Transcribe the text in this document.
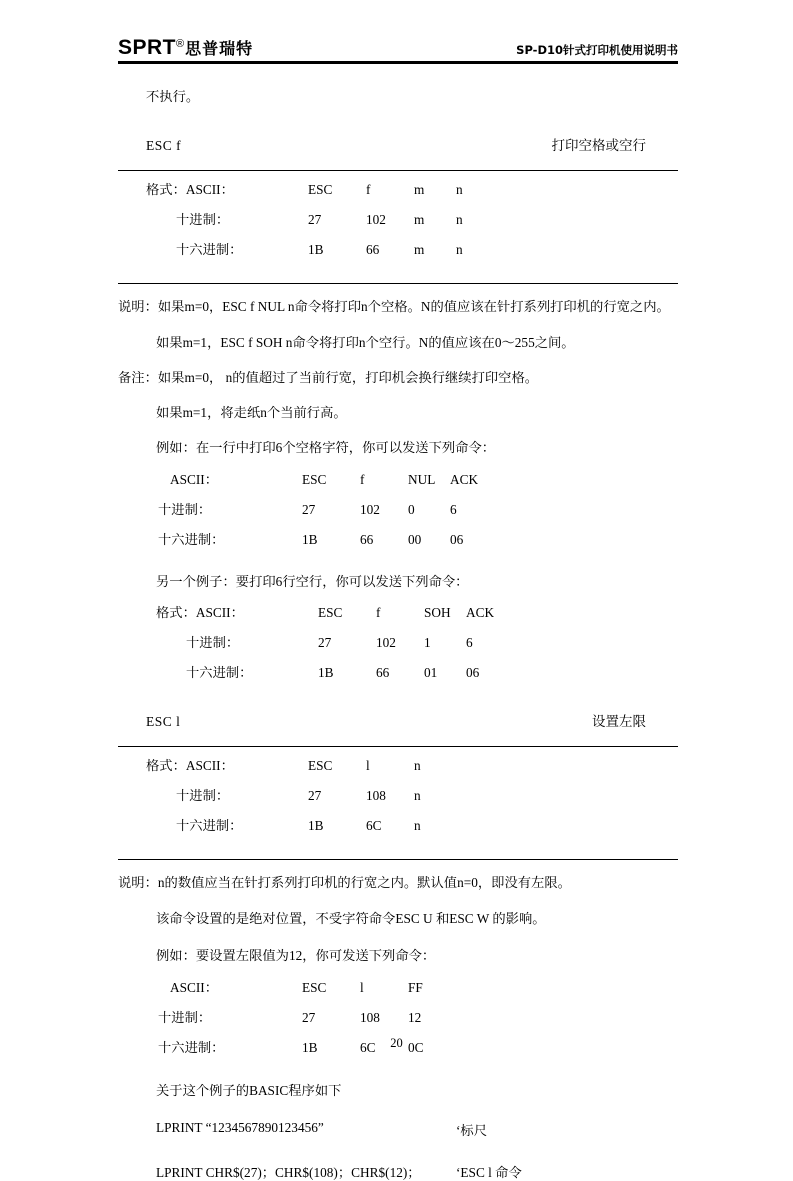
SPRT ® 思普瑞特	SP-D10针式打印机使用说明书
不执行。
ESC f	打印空格或空行
格式：ASCII：	ESC	f	m	n
十进制：	27	102	m	n
十六进制：	1B	66	m	n
说明：如果m=0，ESC f NUL n命令将打印n个空格。N的值应该在针打系列打印机的行宽之内。
如果m=1，ESC f SOH n命令将打印n个空行。N的值应该在0～255之间。
备注：如果m=0， n的值超过了当前行宽，打印机会换行继续打印空格。
如果m=1，将走纸n个当前行高。
例如：在一行中打印6个空格字符，你可以发送下列命令：
ASCII：	ESC	f	NUL	ACK
十进制：	27	102	0	6
十六进制：	1B	66	00	06
另一个例子：要打印6行空行，你可以发送下列命令：
格式：ASCII：	ESC	f	SOH	ACK
十进制：	27	102	1	6
十六进制：	1B	66	01	06
ESC l	设置左限
格式：ASCII：	ESC	l	n	
十进制：	27	108	n	
十六进制：	1B	6C	n	
说明：n的数值应当在针打系列打印机的行宽之内。默认值n=0，即没有左限。
该命令设置的是绝对位置，不受字符命令ESC U 和ESC W 的影响。
例如：要设置左限值为12，你可发送下列命令：
ASCII：	ESC	l	FF	
十进制：	27	108	12	
十六进制：	1B	6C	0C	
关于这个例子的BASIC程序如下
LPRINT “1234567890123456”	‘标尺
LPRINT CHR$(27)；CHR$(108)；CHR$(12)；	‘ESC l 命令
20
